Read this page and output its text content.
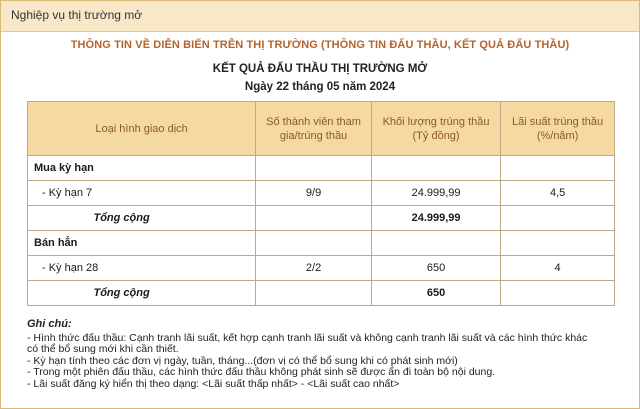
Nghiệp vụ thị trường mở
THÔNG TIN VỀ DIỄN BIẾN TRÊN THỊ TRƯỜNG (THÔNG TIN ĐẤU THẦU, KẾT QUẢ ĐẤU THẦU)
KẾT QUẢ ĐẤU THẦU THỊ TRƯỜNG MỞ
Ngày 22 tháng 05 năm 2024
Loại hình giao dịch	Số thành viên tham gia/trúng thầu	Khối lượng trúng thầu (Tỷ đồng)	Lãi suất trúng thầu (%/năm)
Mua kỳ hạn			
- Kỳ hạn 7	9/9	24.999,99	4,5
Tổng cộng		24.999,99	
Bán hẳn			
- Kỳ hạn 28	2/2	650	4
Tổng cộng		650	
Ghi chú:

- Hình thức đấu thầu: Cạnh tranh lãi suất, kết hợp cạnh tranh lãi suất và không cạnh tranh lãi suất và các hình thức khác

có thể bổ sung mới khi cần thiết.

- Kỳ hạn tính theo các đơn vị ngày, tuần, tháng...(đơn vị có thể bổ sung khi có phát sinh mới)

- Trong một phiên đấu thầu, các hình thức đấu thầu không phát sinh sẽ được ẩn đi toàn bộ nội dung.

- Lãi suất đăng ký hiển thị theo dạng: <Lãi suất thấp nhất> - <Lãi suất cao nhất>
